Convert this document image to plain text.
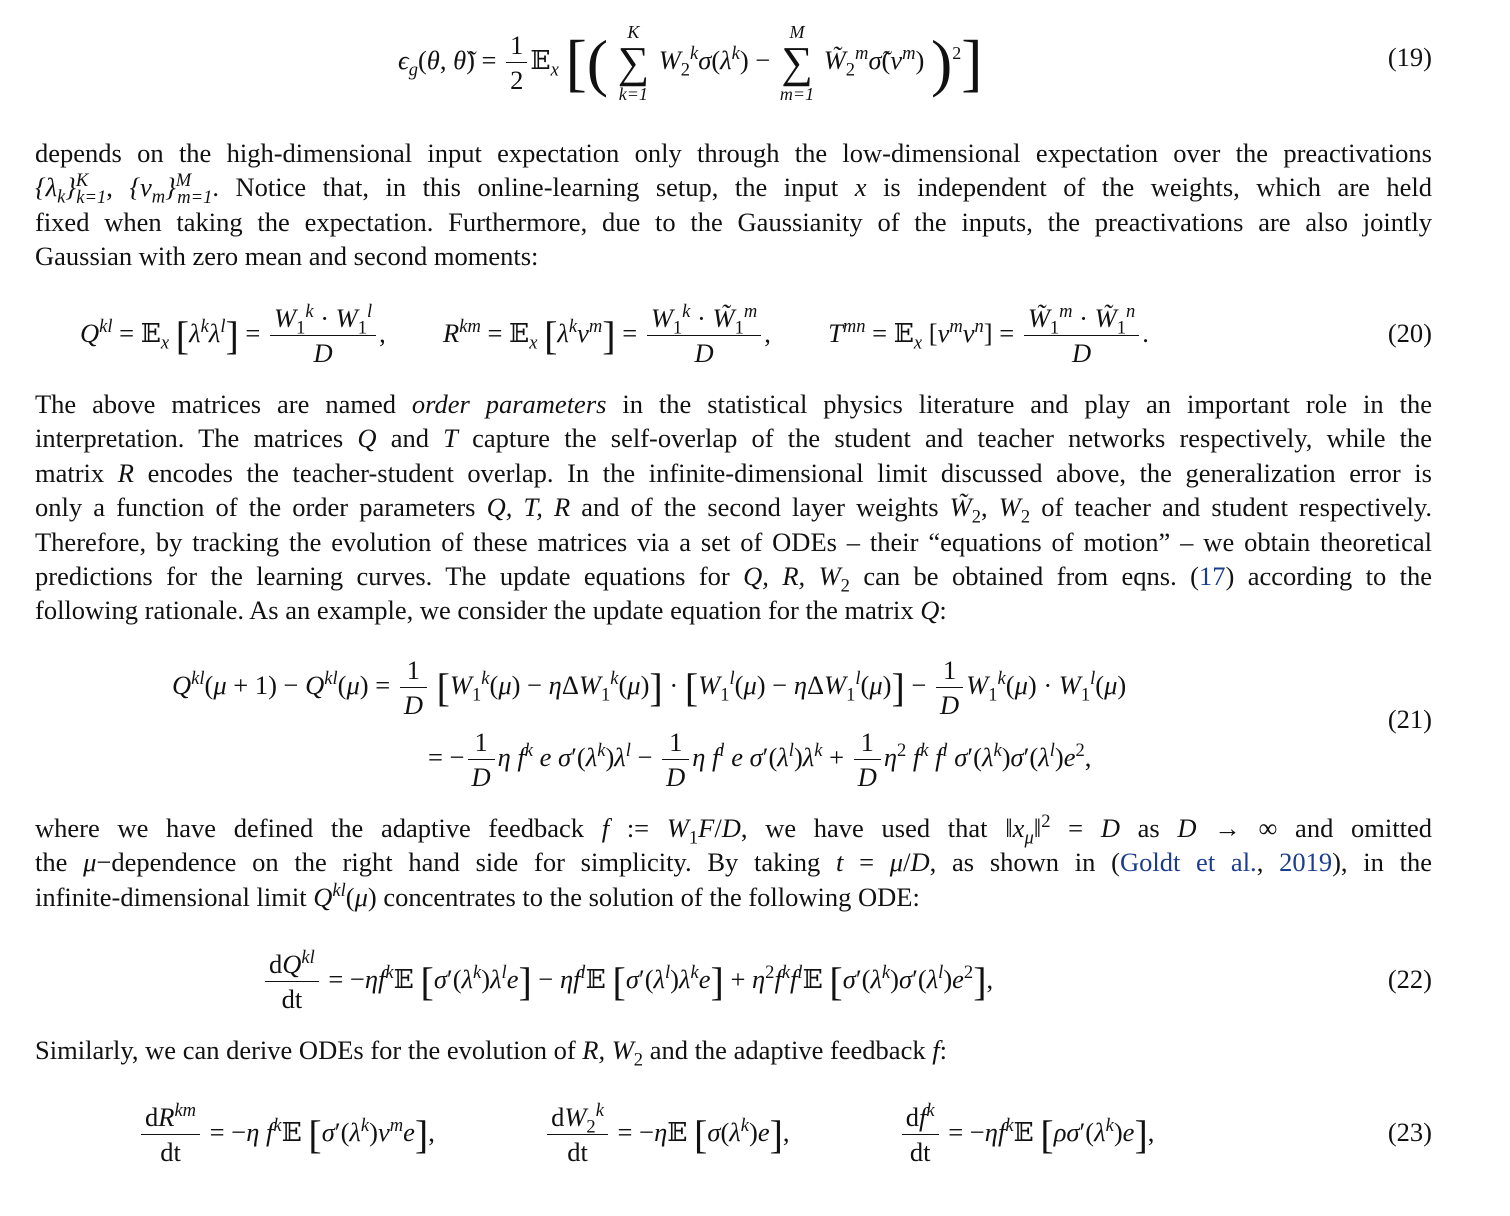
$\epsilon_g(\theta$, θ̃) = $\frac{1}{2}$ 𝔼$_x$ [(	K
∑
k=1
$W_2^k\sigma(\lambda^k)$ −
M
∑
m=1
$W̃_2^m\sigmã(\nu^m)$ )$^2$]	(19)
depends on the high-dimensional input expectation only through the low-dimensional expectation over the preactivations
$\{\lambda_k\}^K_{k=1}$, $\{\nu_m\}^M_{m=1}$. Notice that, in this online-learning setup, the input x is independent of the weights, which are held
fixed when taking the expectation. Furthermore, due to the Gaussianity of the inputs, the preactivations are also jointly
Gaussian with zero mean and second moments:
$Q^{kl}$ = 𝔼$_x$ $[\lambda^k\lambda^l] = \frac{W_1^k \cdot W_1^l}{D}$ ,  $R^{km}$ = 𝔼$_x$ $[\lambda^k\nu^m] = \frac{W_1^k \cdot W̃_1^m}{D}$ ,  $T^{mn}$ = 𝔼$_x$ $[\nu^m\nu^n] = \frac{W̃_1^m \cdot W̃_1^n}{D}$ .	(20)
The above matrices are named order parameters in the statistical physics literature and play an important role in the
interpretation. The matrices Q and T capture the self-overlap of the student and teacher networks respectively, while the
matrix R encodes the teacher-student overlap. In the infinite-dimensional limit discussed above, the generalization error is
only a function of the order parameters Q, T, R and of the second layer weights $W̃_2$, $W_2$ of teacher and student respectively.
Therefore, by tracking the evolution of these matrices via a set of ODEs – their “equations of motion” – we obtain theoretical
predictions for the learning curves. The update equations for Q, R, $W_2$ can be obtained from eqns. (17) according to the
following rationale. As an example, we consider the update equation for the matrix Q:
$Q^{kl}(\mu + 1) - Q^{kl}(\mu) = \frac{1}{D} [W_1^k(\mu) - \eta\Delta W_1^k(\mu)] \cdot [W_1^l(\mu) - \eta\Delta W_1^l(\mu)] - \frac{1}{D} W_1^k(\mu) \cdot W_1^l(\mu)$
= − $\frac{1}{D}$ η $f^k$ e $\sigma'(\lambda^k)\lambda^l - \frac{1}{D}$ η $f^l$ e $\sigma'(\lambda^l)\lambda^k + \frac{1}{D} \eta^2$ $f^k$ $f^l$ $\sigma'(\lambda^k)\sigma'(\lambda^l)e^2$,
(21)
where we have defined the adaptive feedback f := $W_1F/D$, we have used that $‖x_\mu‖^2 = D$ as D → ∞ and omitted
the μ−dependence on the right hand side for simplicity. By taking t = μ/D, as shown in (Goldt et al., 2019), in the
infinite-dimensional limit $Q^{kl}(\mu)$ concentrates to the solution of the following ODE:
$\frac{dQ^{kl}}{dt}$ = $-\eta f^k𝔼$ $[\sigma'(\lambda^k)\lambda^le]$ − $\eta f^l𝔼$ $[\sigma'(\lambda^l)\lambda^ke]$ + $\eta^2f^kf^l𝔼$ $[\sigma'(\lambda^k)\sigma'(\lambda^l)e^2]$,	(22)
Similarly, we can derive ODEs for the evolution of R, $W_2$ and the adaptive feedback f:
$\frac{dR^{km}}{dt} = -\eta$ $f^k𝔼$ $[\sigma'(\lambda^k)\nu^me]$,	$\frac{dW_2^k}{dt}$ = −η𝔼 $[\sigma(\lambda^k)e]$,	$\frac{df^k}{dt}$ = $-\eta f^k𝔼$ $[\rho\sigma'(\lambda^k)e]$,	(23)
